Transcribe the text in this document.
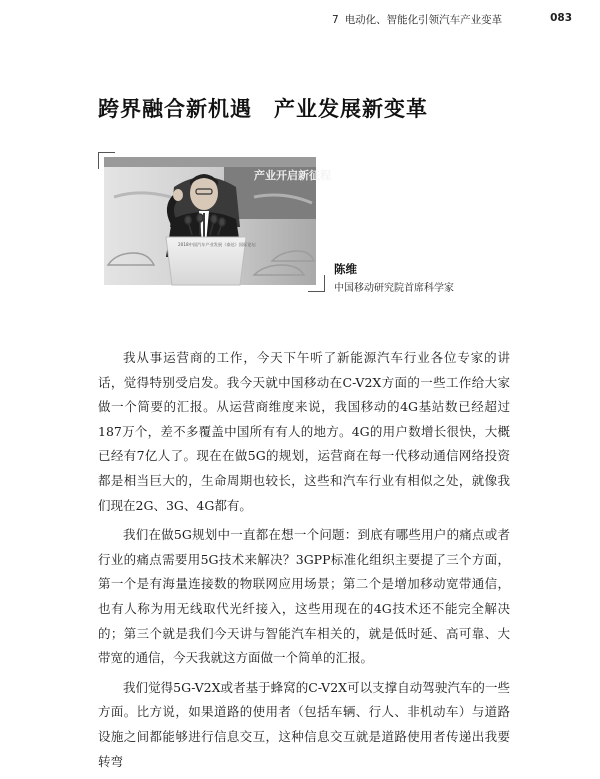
7 电动化、智能化引领汽车产业变革	083
跨界融合新机遇　产业发展新变革
产业开启新征程
2018中国汽车产业发展（泰达）国际论坛
陈维
中国移动研究院首席科学家

我从事运营商的工作，今天下午听了新能源汽车行业各位专家的讲话，觉得特别受启发。我今天就中国移动在C-V2X方面的一些工作给大家做一个简要的汇报。从运营商维度来说，我国移动的4G基站数已经超过187万个，差不多覆盖中国所有有人的地方。4G的用户数增长很快，大概已经有7亿人了。现在在做5G的规划，运营商在每一代移动通信网络投资都是相当巨大的，生命周期也较长，这些和汽车行业有相似之处，就像我们现在2G、3G、4G都有。

我们在做5G规划中一直都在想一个问题：到底有哪些用户的痛点或者行业的痛点需要用5G技术来解决？3GPP标准化组织主要提了三个方面，第一个是有海量连接数的物联网应用场景；第二个是增加移动宽带通信，也有人称为用无线取代光纤接入，这些用现在的4G技术还不能完全解决的；第三个就是我们今天讲与智能汽车相关的，就是低时延、高可靠、大带宽的通信，今天我就这方面做一个简单的汇报。

我们觉得5G-V2X或者基于蜂窝的C-V2X可以支撑自动驾驶汽车的一些方面。比方说，如果道路的使用者（包括车辆、行人、非机动车）与道路设施之间都能够进行信息交互，这种信息交互就是道路使用者传递出我要转弯
